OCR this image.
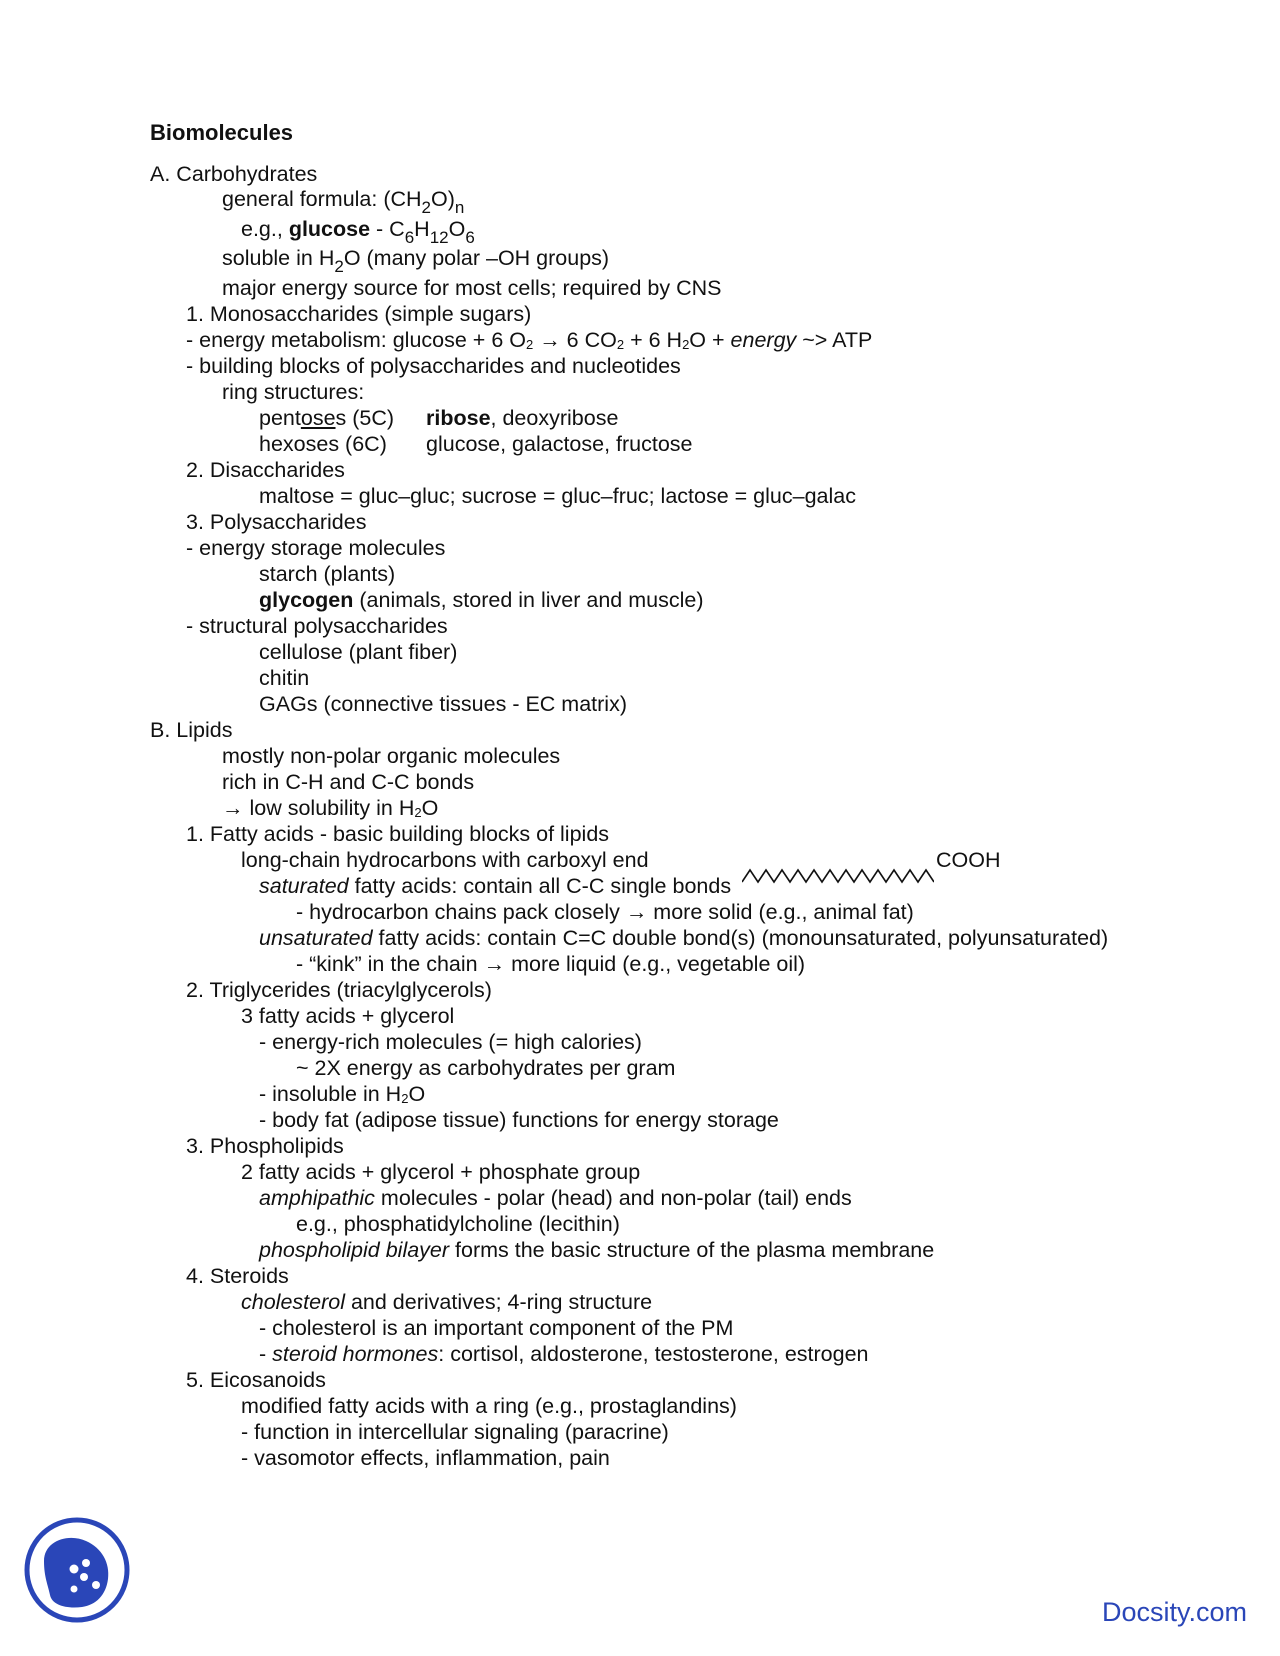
Biomolecules
A. Carbohydrates
general formula: $(CH_2O)_n$
e.g., glucose - $C_6H_{12}O_6$
soluble in $H_2O$ (many polar –OH groups)
major energy source for most cells; required by CNS
1. Monosaccharides (simple sugars)
- energy metabolism: glucose + 6 O2 → 6 CO2 + 6 H2O + energy ~> ATP
- building blocks of polysaccharides and nucleotides
ring structures:
pentoses (5C) ribose, deoxyribose
hexoses (6C) glucose, galactose, fructose
2. Disaccharides
maltose = gluc–gluc; sucrose = gluc–fruc; lactose = gluc–galac
3. Polysaccharides
- energy storage molecules
starch (plants)
glycogen (animals, stored in liver and muscle)
- structural polysaccharides
cellulose (plant fiber)
chitin
GAGs (connective tissues - EC matrix)
B. Lipids
mostly non-polar organic molecules
rich in C-H and C-C bonds
→ low solubility in H2O
1. Fatty acids - basic building blocks of lipids
long-chain hydrocarbons with carboxyl end	COOH
saturated fatty acids: contain all C-C single bonds
- hydrocarbon chains pack closely → more solid (e.g., animal fat)
unsaturated fatty acids: contain C=C double bond(s) (monounsaturated, polyunsaturated)
- “kink” in the chain → more liquid (e.g., vegetable oil)
2. Triglycerides (triacylglycerols)
3 fatty acids + glycerol
- energy-rich molecules (= high calories)
~ 2X energy as carbohydrates per gram
- insoluble in H2O
- body fat (adipose tissue) functions for energy storage
3. Phospholipids
2 fatty acids + glycerol + phosphate group
amphipathic molecules - polar (head) and non-polar (tail) ends
e.g., phosphatidylcholine (lecithin)
phospholipid bilayer forms the basic structure of the plasma membrane
4. Steroids
cholesterol and derivatives; 4-ring structure
- cholesterol is an important component of the PM
- steroid hormones: cortisol, aldosterone, testosterone, estrogen
5. Eicosanoids
modified fatty acids with a ring (e.g., prostaglandins)
- function in intercellular signaling (paracrine)
- vasomotor effects, inflammation, pain
Docsity.com
